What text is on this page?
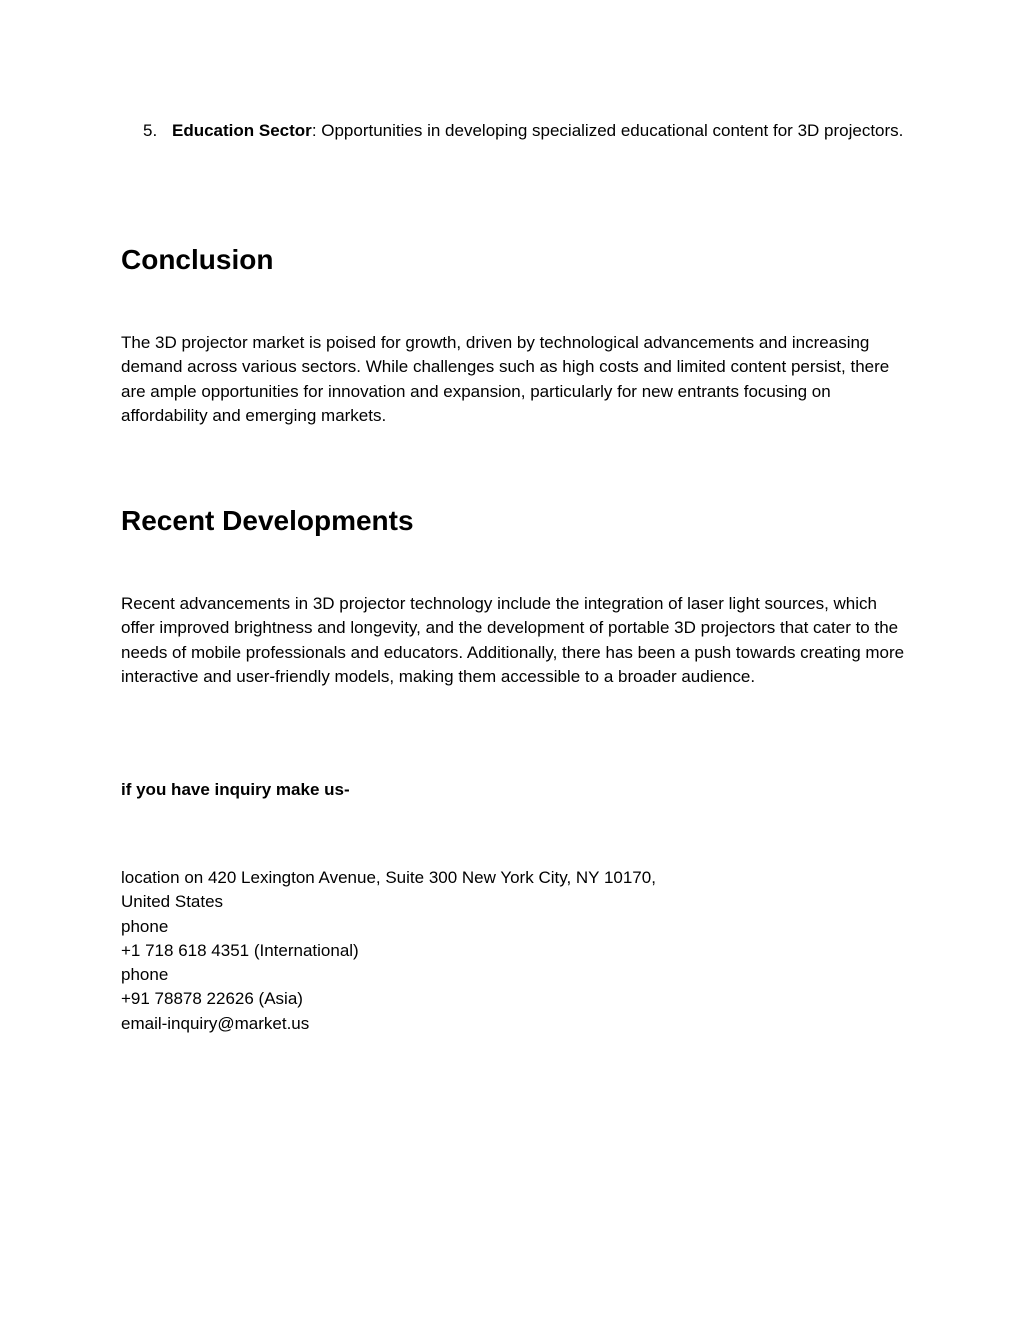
5. Education Sector: Opportunities in developing specialized educational content for 3D projectors.
Conclusion

The 3D projector market is poised for growth, driven by technological advancements and increasing demand across various sectors. While challenges such as high costs and limited content persist, there are ample opportunities for innovation and expansion, particularly for new entrants focusing on affordability and emerging markets.

Recent Developments

Recent advancements in 3D projector technology include the integration of laser light sources, which offer improved brightness and longevity, and the development of portable 3D projectors that cater to the needs of mobile professionals and educators. Additionally, there has been a push towards creating more interactive and user-friendly models, making them accessible to a broader audience.

if you have inquiry make us-

location on 420 Lexington Avenue, Suite 300 New York City, NY 10170,
United States
phone
+1 718 618 4351 (International)
phone
+91 78878 22626 (Asia)
email-inquiry@market.us
